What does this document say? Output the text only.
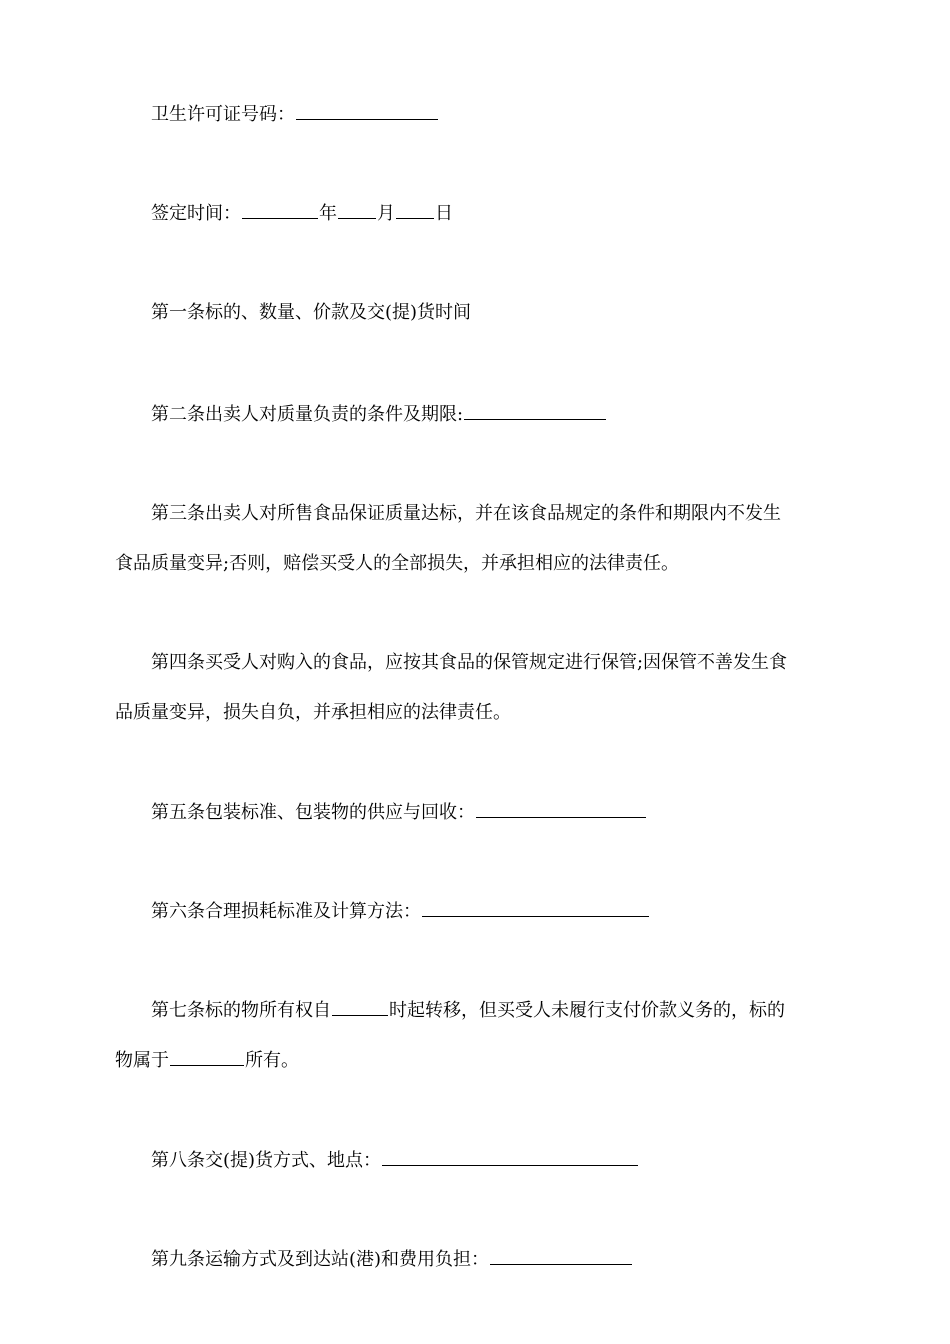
卫生许可证号码：
签定时间：	年 月 日
第一条标的、数量、价款及交(提)货时间
第二条出卖人对质量负责的条件及期限:
第三条出卖人对所售食品保证质量达标，并在该食品规定的条件和期限内不发生
食品质量变异;否则，赔偿买受人的全部损失，并承担相应的法律责任。
第四条买受人对购入的食品，应按其食品的保管规定进行保管;因保管不善发生食
品质量变异，损失自负，并承担相应的法律责任。
第五条包装标准、包装物的供应与回收：
第六条合理损耗标准及计算方法：
第七条标的物所有权自	时起转移，但买受人未履行支付价款义务的，标的
物属于	所有。
第八条交(提)货方式、地点：
第九条运输方式及到达站(港)和费用负担：
